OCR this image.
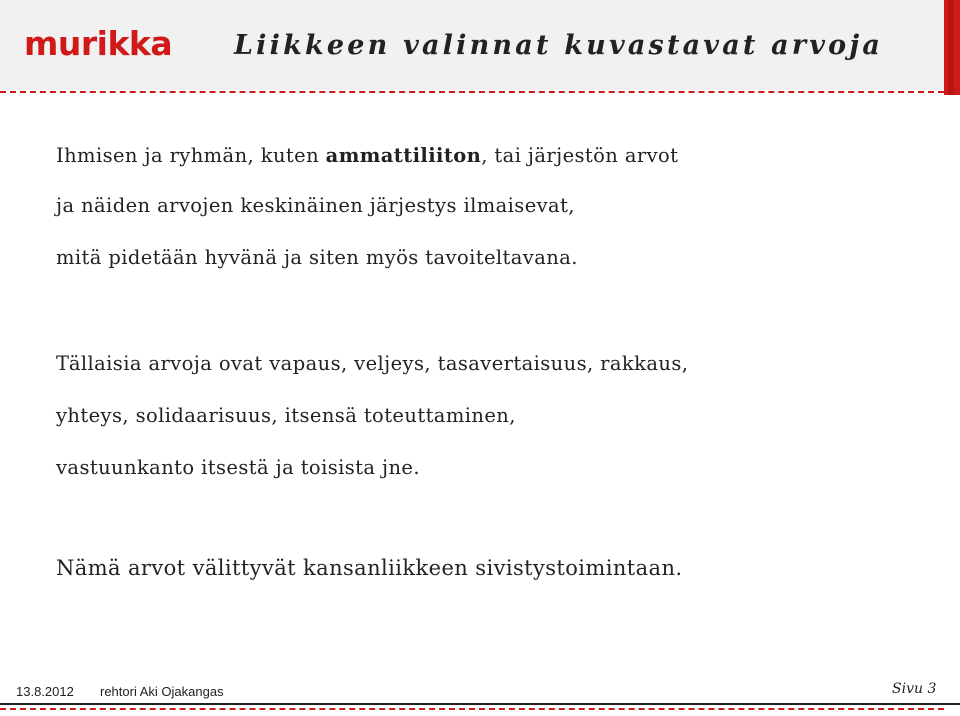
murikka Liikkeen valinnat kuvastavat arvoja
Ihmisen ja ryhmän, kuten ammattiliiton, tai järjestön arvot
ja näiden arvojen keskinäinen järjestys ilmaisevat,
mitä pidetään hyvänä ja siten myös tavoiteltavana.
Tällaisia arvoja ovat vapaus, veljeys, tasavertaisuus, rakkaus,
yhteys, solidaarisuus, itsensä toteuttaminen,
vastuunkanto itsestä ja toisista jne.
Nämä arvot välittyvät kansanliikkeen sivistystoimintaan.
13.8.2012 rehtori Aki Ojakangas	Sivu 3
